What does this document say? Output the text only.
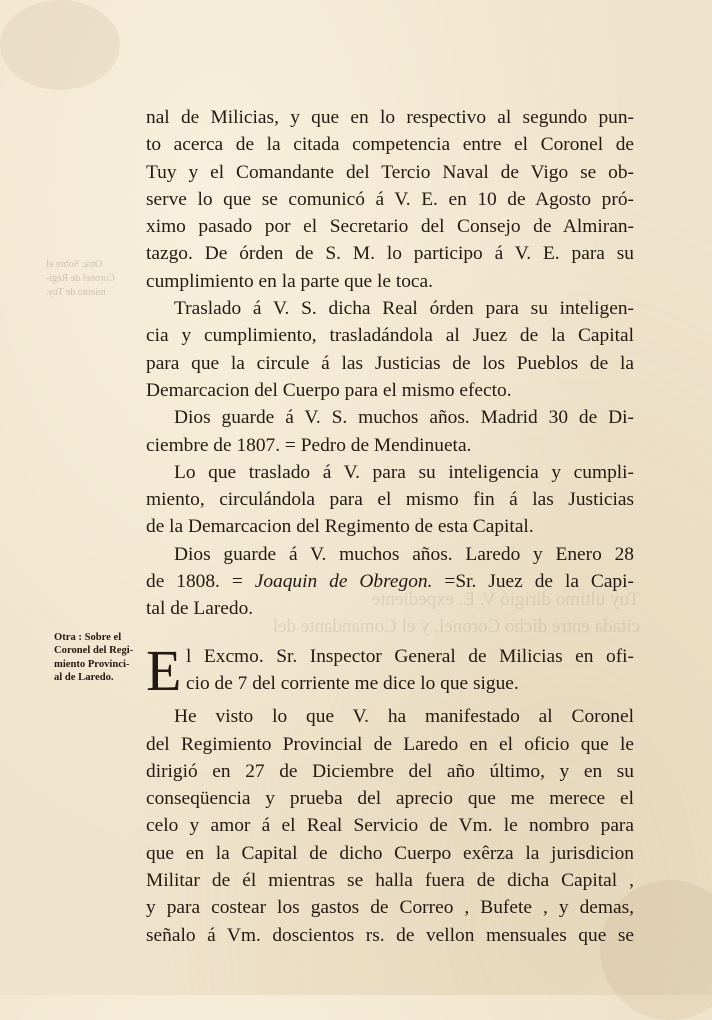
Otra: Sobre el
Coronel de Regi-
miento de Tuy.
Tuy ultimo dirigió V. E. expediente
citada entre dicho Coronel, y el Comandante del
Otra : Sobre el
Coronel del Regi-
miento Provinci-
al de Laredo.
nal de Milicias, y que en lo respectivo al segundo pun-
to acerca de la citada competencia entre el Coronel de
Tuy y el Comandante del Tercio Naval de Vigo se ob-
serve lo que se comunicó á V. E. en 10 de Agosto pró-
ximo pasado por el Secretario del Consejo de Almiran-
tazgo. De órden de S. M. lo participo á V. E. para su
cumplimiento en la parte que le toca.
Traslado á V. S. dicha Real órden para su inteligen-
cia y cumplimiento, trasladándola al Juez de la Capital
para que la circule á las Justicias de los Pueblos de la
Demarcacion del Cuerpo para el mismo efecto.
Dios guarde á V. S. muchos años. Madrid 30 de Di-
ciembre de 1807. = Pedro de Mendinueta.
Lo que traslado á V. para su inteligencia y cumpli-
miento, circulándola para el mismo fin á las Justicias
de la Demarcacion del Regimento de esta Capital.
Dios guarde á V. muchos años. Laredo y Enero 28
de 1808. = Joaquin de Obregon. =Sr. Juez de la Capi-
tal de Laredo.
E l Excmo. Sr. Inspector General de Milicias en ofi-
cio de 7 del corriente me dice lo que sigue.
He visto lo que V. ha manifestado al Coronel
del Regimiento Provincial de Laredo en el oficio que le
dirigió en 27 de Diciembre del año último, y en su
conseqüencia y prueba del aprecio que me merece el
celo y amor á el Real Servicio de Vm. le nombro para
que en la Capital de dicho Cuerpo exêrza la jurisdicion
Militar de él mientras se halla fuera de dicha Capital ,
y para costear los gastos de Correo , Bufete , y demas,
señalo á Vm. doscientos rs. de vellon mensuales que se
